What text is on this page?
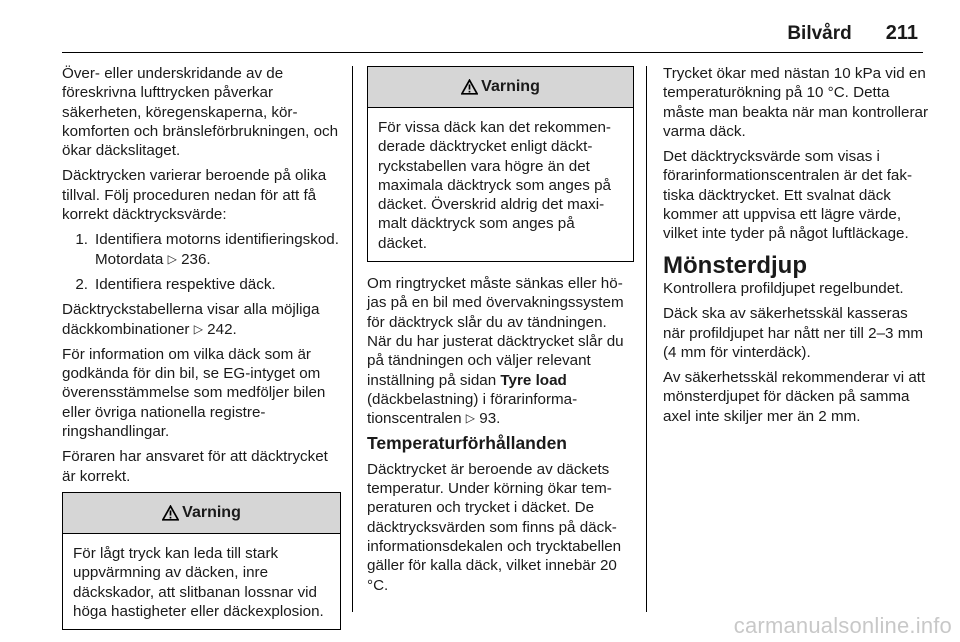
Bilvård 211

Över- eller underskridande av de föreskrivna lufttrycken påverkar säkerheten, köregenskaperna, körkomforten och bränsleförbrukningen, och ökar däckslitaget.

Däcktrycken varierar beroende på olika tillval. Följ proceduren nedan för att få korrekt däcktrycksvärde:

1. Identifiera motorns identifieringskod. Motordata ▷ 236.
2. Identifiera respektive däck.

Däcktryckstabellerna visar alla möjliga däckkombinationer ▷ 242.

För information om vilka däck som är godkända för din bil, se EG-intyget om överensstämmelse som medföljer bilen eller övriga nationella registreringshandlingar.

Föraren har ansvaret för att däcktrycket är korrekt.

Varning
För lågt tryck kan leda till stark uppvärmning av däcken, inre däckskador, att slitbanan lossnar vid höga hastigheter eller däckexplosion.
Varning
För vissa däck kan det rekommenderade däcktrycket enligt däcktryckstabellen vara högre än det maximala däcktryck som anges på däcket. Överskrid aldrig det maximalt däcktryck som anges på däcket.

Om ringtrycket måste sänkas eller höjas på en bil med övervakningssystem för däcktryck slår du av tändningen. När du har justerat däcktrycket slår du på tändningen och väljer relevant inställning på sidan Tyre load (däckbelastning) i förarinformationscentralen ▷ 93.

Temperaturförhållanden

Däcktrycket är beroende av däckets temperatur. Under körning ökar temperaturen och trycket i däcket. De däcktrycksvärden som finns på däckinformationsdekalen och trycktabellen gäller för kalla däck, vilket innebär 20 °C.

Trycket ökar med nästan 10 kPa vid en temperaturökning på 10 °C. Detta måste man beakta när man kontrollerar varma däck.

Det däcktrycksvärde som visas i förarinformationscentralen är det faktiska däcktrycket. Ett svalnat däck kommer att uppvisa ett lägre värde, vilket inte tyder på något luftläckage.

Mönsterdjup

Kontrollera profildjupet regelbundet.

Däck ska av säkerhetsskäl kasseras när profildjupet har nått ner till 2–3 mm (4 mm för vinterdäck).

Av säkerhetsskäl rekommenderar vi att mönsterdjupet för däcken på samma axel inte skiljer mer än 2 mm.

carmanualsonline.info
